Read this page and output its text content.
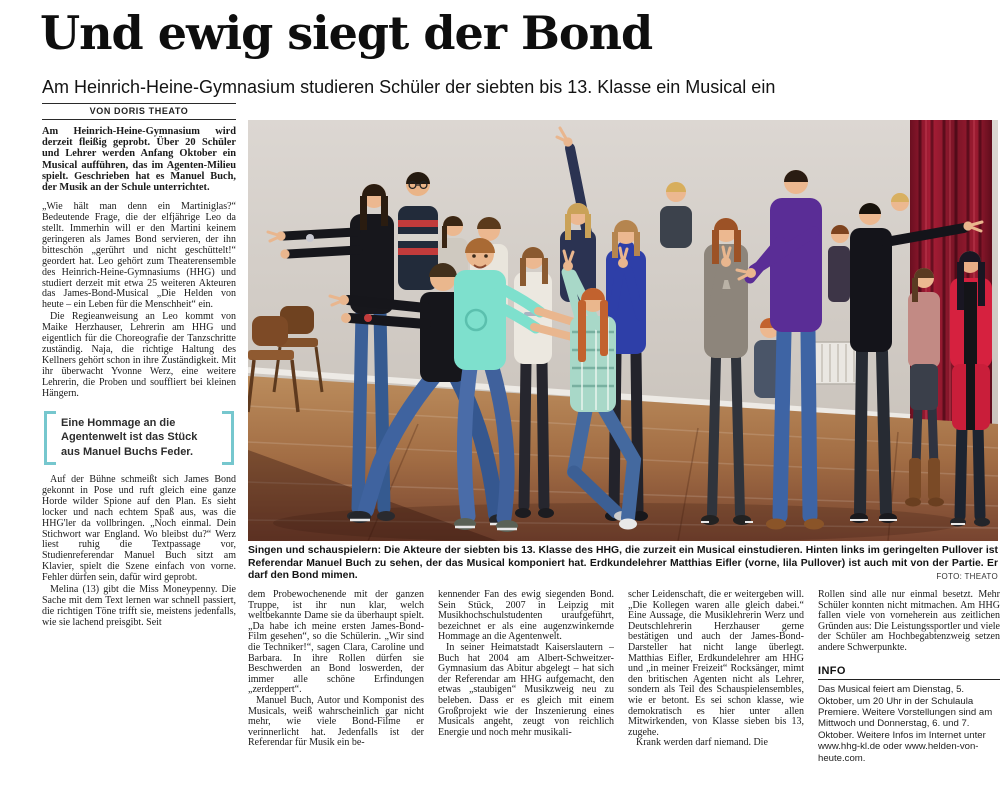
Und ewig siegt der Bond

Am Heinrich-Heine-Gymnasium studieren Schüler der siebten bis 13. Klasse ein Musical ein

VON DORIS THEATO

Am Heinrich-Heine-Gymnasium wird derzeit fleißig geprobt. Über 20 Schüler und Lehrer werden Anfang Oktober ein Musical aufführen, das im Agenten-Milieu spielt. Geschrieben hat es Manuel Buch, der Musik an der Schule unterrichtet.

„Wie hält man denn ein Martiniglas?“ Bedeutende Frage, die der elfjährige Leo da stellt. Immerhin will er den Martini keinem geringeren als James Bond servieren, der ihn bitteschön „gerührt und nicht geschüttelt!“ geordert hat. Leo gehört zum Theaterensemble des Heinrich-Heine-Gymnasiums (HHG) und studiert derzeit mit etwa 25 weiteren Akteuren das James-Bond-Musical „Die Helden von heute – ein Leben für die Menschheit“ ein.

Die Regieanweisung an Leo kommt von Maike Herzhauser, Lehrerin am HHG und eigentlich für die Choreografie der Tanzschritte zuständig. Naja, die richtige Haltung des Kellners gehört schon in ihre Zuständigkeit. Mit ihr überwacht Yvonne Werz, eine weitere Lehrerin, die Proben und souffliert bei kleinen Hängern.

Eine Hommage an die Agentenwelt ist das Stück aus Manuel Buchs Feder.

Auf der Bühne schmeißt sich James Bond gekonnt in Pose und ruft gleich eine ganze Horde wilder Spione auf den Plan. Es sieht locker und nach echtem Spaß aus, was die HHG'ler da vollbringen. „Noch einmal. Dein Stichwort war England. Wo bleibst du?“ Werz liest ruhig die Textpassage vor, Studienreferendar Manuel Buch sitzt am Klavier, spielt die Szene einfach von vorne. Fehler dürfen sein, dafür wird geprobt.

Melina (13) gibt die Miss Moneypenny. Die Sache mit dem Text lernen war schnell passiert, die richtigen Töne trifft sie, meistens jedenfalls, wie sie lachend preisgibt. Seit

Singen und schauspielern: Die Akteure der siebten bis 13. Klasse des HHG, die zurzeit ein Musical einstudieren. Hinten links im geringelten Pullover ist Referendar Manuel Buch zu sehen, der das Musical komponiert hat. Erdkundelehrer Matthias Eifler (vorne, lila Pullover) ist auch mit von der Partie. Er darf den Bond mimen.	FOTO: THEATO

dem Probewochenende mit der ganzen Truppe, ist ihr nun klar, welch weltbekannte Dame sie da überhaupt spielt. „Da habe ich meine ersten James-Bond-Film gesehen“, so die Schülerin. „Wir sind die Techniker!“, sagen Clara, Caroline und Barbara. In ihre Rollen dürfen sie Beschwerden an Bond loswerden, der immer alle schöne Erfindungen „zerdeppert“.

Manuel Buch, Autor und Komponist des Musicals, weiß wahrscheinlich gar nicht mehr, wie viele Bond-Filme er verinnerlicht hat. Jedenfalls ist der Referendar für Musik ein be-

kennender Fan des ewig siegenden Bond. Sein Stück, 2007 in Leipzig mit Musikhochschulstudenten uraufgeführt, bezeichnet er als eine augenzwinkernde Hommage an die Agentenwelt.

In seiner Heimatstadt Kaiserslautern – Buch hat 2004 am Albert-Schweitzer-Gymnasium das Abitur abgelegt – hat sich der Referendar am HHG aufgemacht, den etwas „staubigen“ Musikzweig neu zu beleben. Dass er es gleich mit einem Großprojekt wie der Inszenierung eines Musicals angeht, zeugt von reichlich Energie und noch mehr musikali-

scher Leidenschaft, die er weitergeben will. „Die Kollegen waren alle gleich dabei.“ Eine Aussage, die Musiklehrerin Werz und Deutschlehrerin Herzhauser gerne bestätigen und auch der James-Bond-Darsteller hat nicht lange überlegt. Matthias Eifler, Erdkundelehrer am HHG und „in meiner Freizeit“ Rocksänger, mimt den britischen Agenten nicht als Lehrer, sondern als Teil des Schauspielensembles, wie er betont. Es sei schon klasse, wie demokratisch es hier unter allen Mitwirkenden, von Klasse sieben bis 13, zugehe.

Krank werden darf niemand. Die

Rollen sind alle nur einmal besetzt. Mehr Schüler konnten nicht mitmachen. Am HHG fallen viele von vorneherein aus zeitlichen Gründen aus: Die Leistungssportler und viele der Schüler am Hochbegabtenzweig setzen andere Schwerpunkte.

INFO
Das Musical feiert am Dienstag, 5. Oktober, um 20 Uhr in der Schulaula Premiere. Weitere Vorstellungen sind am Mittwoch und Donnerstag, 6. und 7. Oktober. Weitere Infos im Internet unter www.hhg-kl.de oder www.helden-von-heute.com.
